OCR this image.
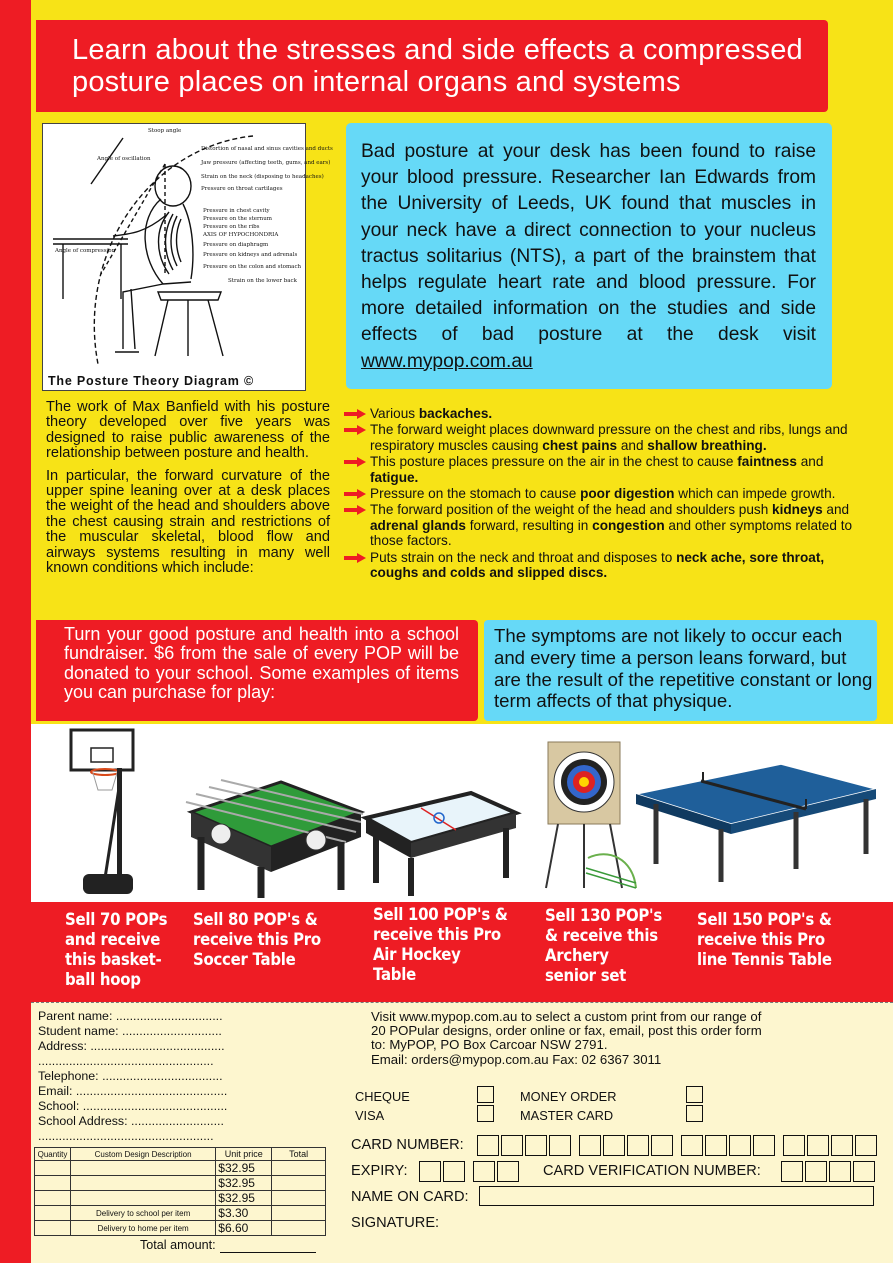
Learn about the stresses and side effects a compressed
posture places on internal organs and systems
Stoop angle
Angle of oscillation
Angle of compression
Distortion of nasal and sinus cavities and ducts
Jaw pressure (affecting teeth, gums, and ears)
Strain on the neck (disposing to headaches)
Pressure on throat cartilages
Pressure in chest cavity
Pressure on the sternum
Pressure on the ribs
AXIS OF HYPOCHONDRIA
Pressure on diaphragm
Pressure on kidneys and adrenals
Pressure on the colon and stomach
Strain on the lower back
The Posture Theory Diagram ©
Bad posture at your desk has been found to raise your blood pressure. Researcher Ian Edwards from the University of Leeds, UK found that muscles in your neck have a direct connection to your nucleus tractus solitarius (NTS), a part of the brainstem that helps regulate heart rate and blood pressure. For more detailed information on the studies and side effects of bad posture at the desk visit www.mypop.com.au

The work of Max Banfield with his posture theory developed over five years was designed to raise public awareness of the relationship between posture and health.

In particular, the forward curvature of the upper spine leaning over at a desk places the weight of the head and shoulders above the chest causing strain and restrictions of the muscular skeletal, blood flow and airways systems resulting in many well known conditions which include:

Various backaches.
The forward weight places downward pressure on the chest and ribs, lungs and respiratory muscles causing chest pains and shallow breathing.
This posture places pressure on the air in the chest to cause faintness and fatigue.
Pressure on the stomach to cause poor digestion which can impede growth.
The forward position of the weight of the head and shoulders push kidneys and adrenal glands forward, resulting in congestion and other symptoms related to those factors.
Puts strain on the neck and throat and disposes to neck ache, sore throat, coughs and colds and slipped discs.
Turn your good posture and health into a school fundraiser. $6 from the sale of every POP will be donated to your school. Some examples of items you can purchase for play:
The symptoms are not likely to occur each and every time a person leans forward, but are the result of the repetitive constant or long term affects of that physique.
Sell 70 POPs
and receive
this basket-
ball hoop
Sell 80 POP's &
receive this Pro
Soccer Table
Sell 100 POP's &
receive this Pro
Air Hockey
Table
Sell 130 POP's
& receive this
Archery
senior set
Sell 150 POP's &
receive this Pro
line Tennis Table
Parent name: ...............................
Student name: .............................
Address: .......................................
...................................................
Telephone: ...................................
Email: ............................................
School: ..........................................
School Address: ...........................
...................................................
Quantity	Custom Design Description	Unit price	Total
		$32.95	
		$32.95	
		$32.95	
	Delivery to school per item	$3.30	
	Delivery to home per item	$6.60	
Total amount:
Visit www.mypop.com.au to select a custom print from our range of
20 POPular designs, order online or fax, email, post this order form
to: MyPOP, PO Box Carcoar NSW 2791.
Email: orders@mypop.com.au Fax: 02 6367 3011
CHEQUE
VISA
MONEY ORDER
MASTER CARD
CARD NUMBER:
EXPIRY:	CARD VERIFICATION NUMBER:
NAME ON CARD:
SIGNATURE:
